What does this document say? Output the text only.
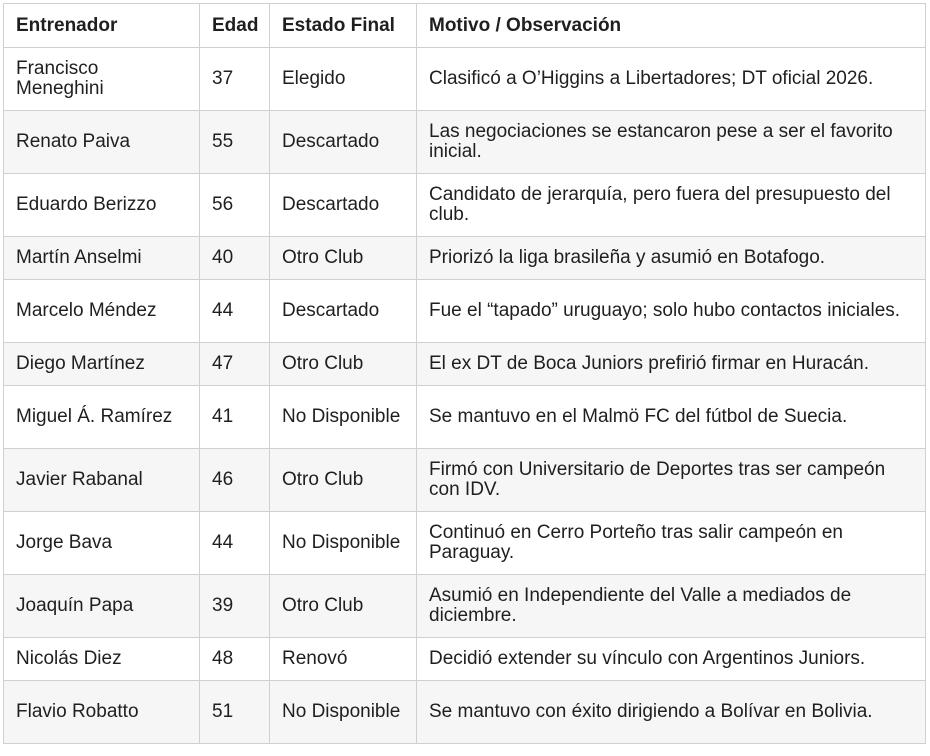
Entrenador	Edad	Estado Final	Motivo / Observación
Francisco Meneghini	37	Elegido	Clasificó a O’Higgins a Libertadores; DT oficial 2026.
Renato Paiva	55	Descartado	Las negociaciones se estancaron pese a ser el favorito inicial.
Eduardo Berizzo	56	Descartado	Candidato de jerarquía, pero fuera del presupuesto del club.
Martín Anselmi	40	Otro Club	Priorizó la liga brasileña y asumió en Botafogo.
Marcelo Méndez	44	Descartado	Fue el “tapado” uruguayo; solo hubo contactos iniciales.
Diego Martínez	47	Otro Club	El ex DT de Boca Juniors prefirió firmar en Huracán.
Miguel Á. Ramírez	41	No Disponible	Se mantuvo en el Malmö FC del fútbol de Suecia.
Javier Rabanal	46	Otro Club	Firmó con Universitario de Deportes tras ser campeón con IDV.
Jorge Bava	44	No Disponible	Continuó en Cerro Porteño tras salir campeón en Paraguay.
Joaquín Papa	39	Otro Club	Asumió en Independiente del Valle a mediados de diciembre.
Nicolás Diez	48	Renovó	Decidió extender su vínculo con Argentinos Juniors.
Flavio Robatto	51	No Disponible	Se mantuvo con éxito dirigiendo a Bolívar en Bolivia.
